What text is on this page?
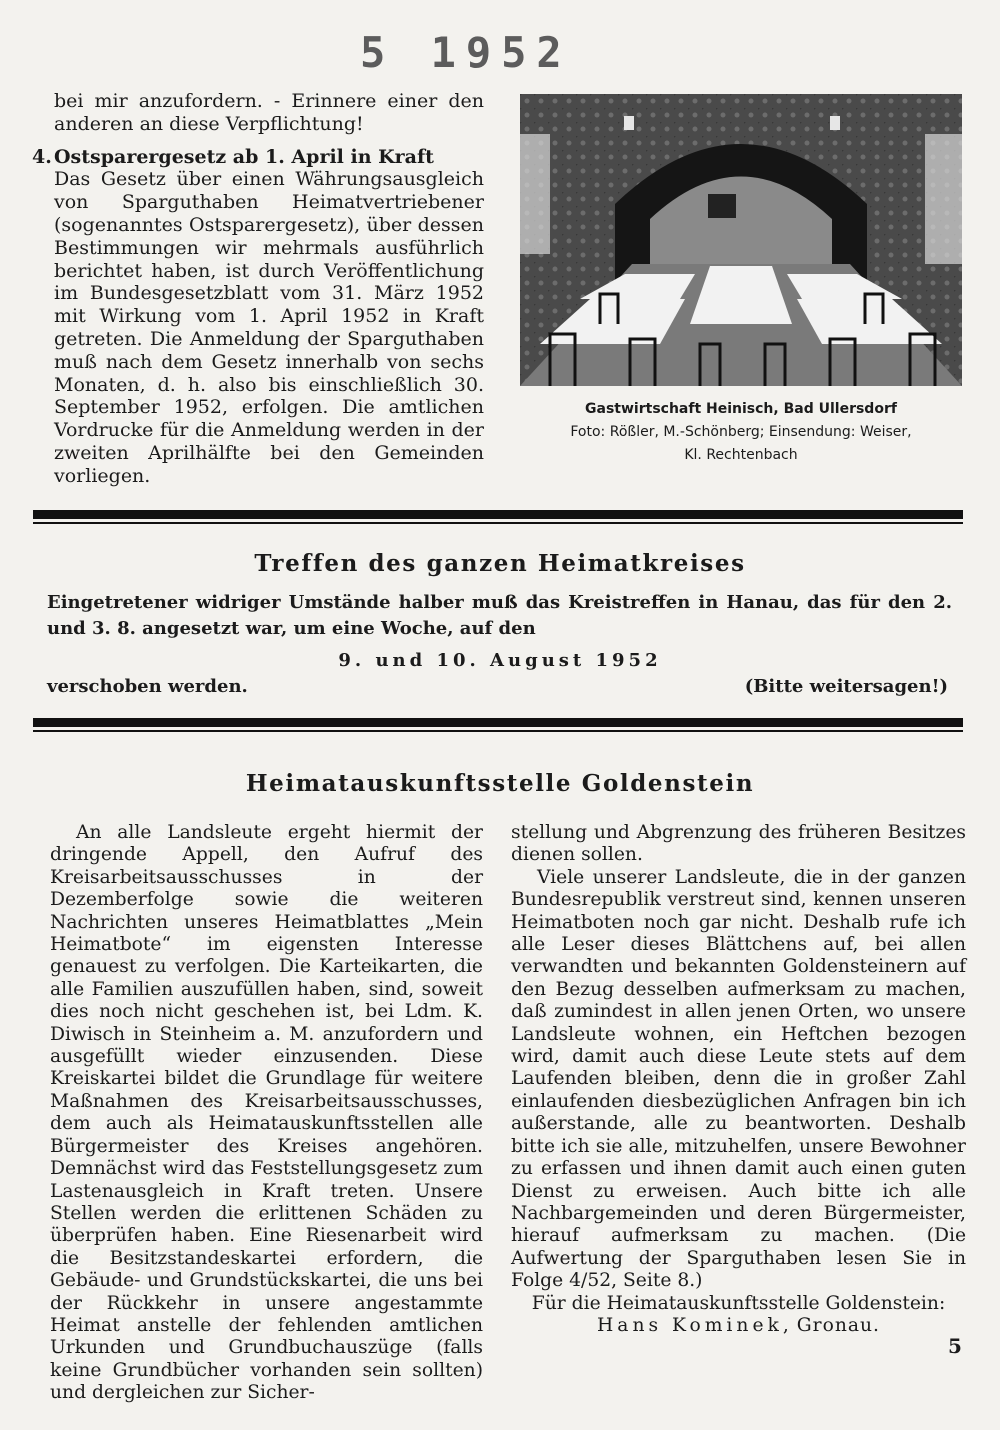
5 1952

bei mir anzufordern. - Erinnere einer den anderen an diese Verpflichtung!

4. Ostsparergesetz ab 1. April in Kraft

Das Gesetz über einen Währungsausgleich von Sparguthaben Heimatvertriebener (sogenanntes Ostsparergesetz), über dessen Bestimmungen wir mehrmals ausführlich berichtet haben, ist durch Veröffentlichung im Bundesgesetzblatt vom 31. März 1952 mit Wirkung vom 1. April 1952 in Kraft getreten. Die Anmeldung der Sparguthaben muß nach dem Gesetz innerhalb von sechs Monaten, d. h. also bis einschließlich 30. September 1952, erfolgen. Die amtlichen Vordrucke für die Anmeldung werden in der zweiten Aprilhälfte bei den Gemeinden vorliegen.

Gastwirtschaft Heinisch, Bad Ullersdorf
Foto: Rößler, M.-Schönberg; Einsendung: Weiser,
Kl. Rechtenbach
Treffen des ganzen Heimatkreises

Eingetretener widriger Umstände halber muß das Kreistreffen in Hanau, das für den 2. und 3. 8. angesetzt war, um eine Woche, auf den

9. und 10. August 1952
verschoben werden.	(Bitte weitersagen!)
Heimatauskunftsstelle Goldenstein

An alle Landsleute ergeht hiermit der dringende Appell, den Aufruf des Kreisarbeitsausschusses in der Dezemberfolge sowie die weiteren Nachrichten unseres Heimatblattes „Mein Heimatbote“ im eigensten Interesse genauest zu verfolgen. Die Karteikarten, die alle Familien auszufüllen haben, sind, soweit dies noch nicht geschehen ist, bei Ldm. K. Diwisch in Steinheim a. M. anzufordern und ausgefüllt wieder einzusenden. Diese Kreiskartei bildet die Grundlage für weitere Maßnahmen des Kreisarbeitsausschusses, dem auch als Heimatauskunftsstellen alle Bürgermeister des Kreises angehören. Demnächst wird das Feststellungsgesetz zum Lastenausgleich in Kraft treten. Unsere Stellen werden die erlittenen Schäden zu überprüfen haben. Eine Riesenarbeit wird die Besitzstandeskartei erfordern, die Gebäude- und Grundstückskartei, die uns bei der Rückkehr in unsere angestammte Heimat anstelle der fehlenden amtlichen Urkunden und Grundbuchauszüge (falls keine Grundbücher vorhanden sein sollten) und dergleichen zur Sicher-

stellung und Abgrenzung des früheren Besitzes dienen sollen.

Viele unserer Landsleute, die in der ganzen Bundesrepublik verstreut sind, kennen unseren Heimatboten noch gar nicht. Deshalb rufe ich alle Leser dieses Blättchens auf, bei allen verwandten und bekannten Goldensteinern auf den Bezug desselben aufmerksam zu machen, daß zumindest in allen jenen Orten, wo unsere Landsleute wohnen, ein Heftchen bezogen wird, damit auch diese Leute stets auf dem Laufenden bleiben, denn die in großer Zahl einlaufenden diesbezüglichen Anfragen bin ich außerstande, alle zu beantworten. Deshalb bitte ich sie alle, mitzuhelfen, unsere Bewohner zu erfassen und ihnen damit auch einen guten Dienst zu erweisen. Auch bitte ich alle Nachbargemeinden und deren Bürgermeister, hierauf aufmerksam zu machen. (Die Aufwertung der Sparguthaben lesen Sie in Folge 4/52, Seite 8.)

Für die Heimatauskunftsstelle Goldenstein:

Hans Kominek, Gronau.

5
